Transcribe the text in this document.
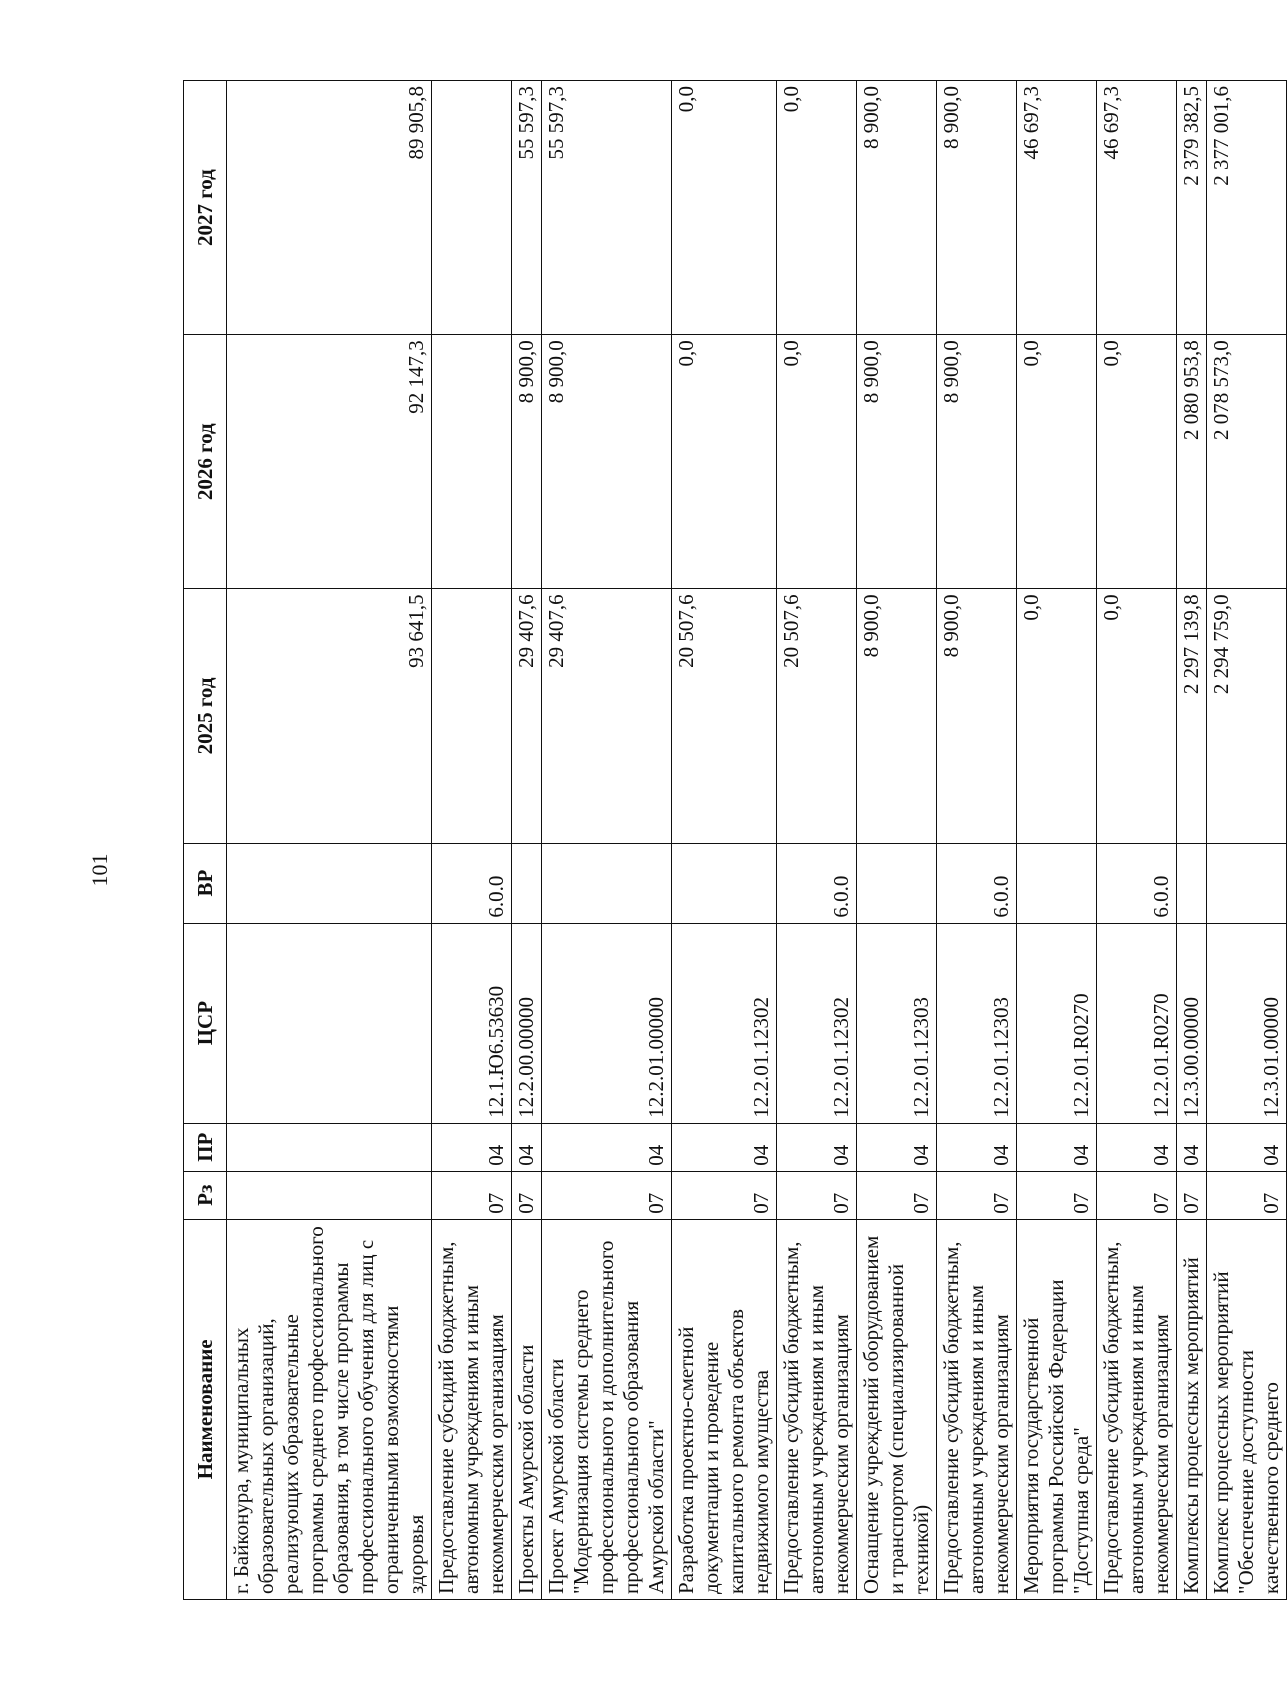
101
Наименование	Рз	ПР	ЦСР	ВР	2025 год	2026 год	2027 год
г. Байконура, муниципальных образовательных организаций, реализующих образовательные программы среднего профессионального образования, в том числе программы профессионального обучения для лиц с ограниченными возможностями здоровья					93 641,5	92 147,3	89 905,8
Предоставление субсидий бюджетным, автономным учреждениям и иным некоммерческим организациям	07	04	12.1.Ю6.53630	6.0.0			
Проекты Амурской области	07	04	12.2.00.00000		29 407,6	8 900,0	55 597,3
Проект Амурской области "Модернизация системы среднего профессионального и дополнительного профессионального образования Амурской области"	07	04	12.2.01.00000		29 407,6	8 900,0	55 597,3
Разработка проектно-сметной документации и проведение капитального ремонта объектов недвижимого имущества	07	04	12.2.01.12302		20 507,6	0,0	0,0
Предоставление субсидий бюджетным, автономным учреждениям и иным некоммерческим организациям	07	04	12.2.01.12302	6.0.0	20 507,6	0,0	0,0
Оснащение учреждений оборудованием и транспортом (специализированной техникой)	07	04	12.2.01.12303		8 900,0	8 900,0	8 900,0
Предоставление субсидий бюджетным, автономным учреждениям и иным некоммерческим организациям	07	04	12.2.01.12303	6.0.0	8 900,0	8 900,0	8 900,0
Мероприятия государственной программы Российской Федерации "Доступная среда"	07	04	12.2.01.R0270		0,0	0,0	46 697,3
Предоставление субсидий бюджетным, автономным учреждениям и иным некоммерческим организациям	07	04	12.2.01.R0270	6.0.0	0,0	0,0	46 697,3
Комплексы процессных мероприятий	07	04	12.3.00.00000		2 297 139,8	2 080 953,8	2 379 382,5
Комплекс процессных мероприятий "Обеспечение доступности качественного среднего	07	04	12.3.01.00000		2 294 759,0	2 078 573,0	2 377 001,6
